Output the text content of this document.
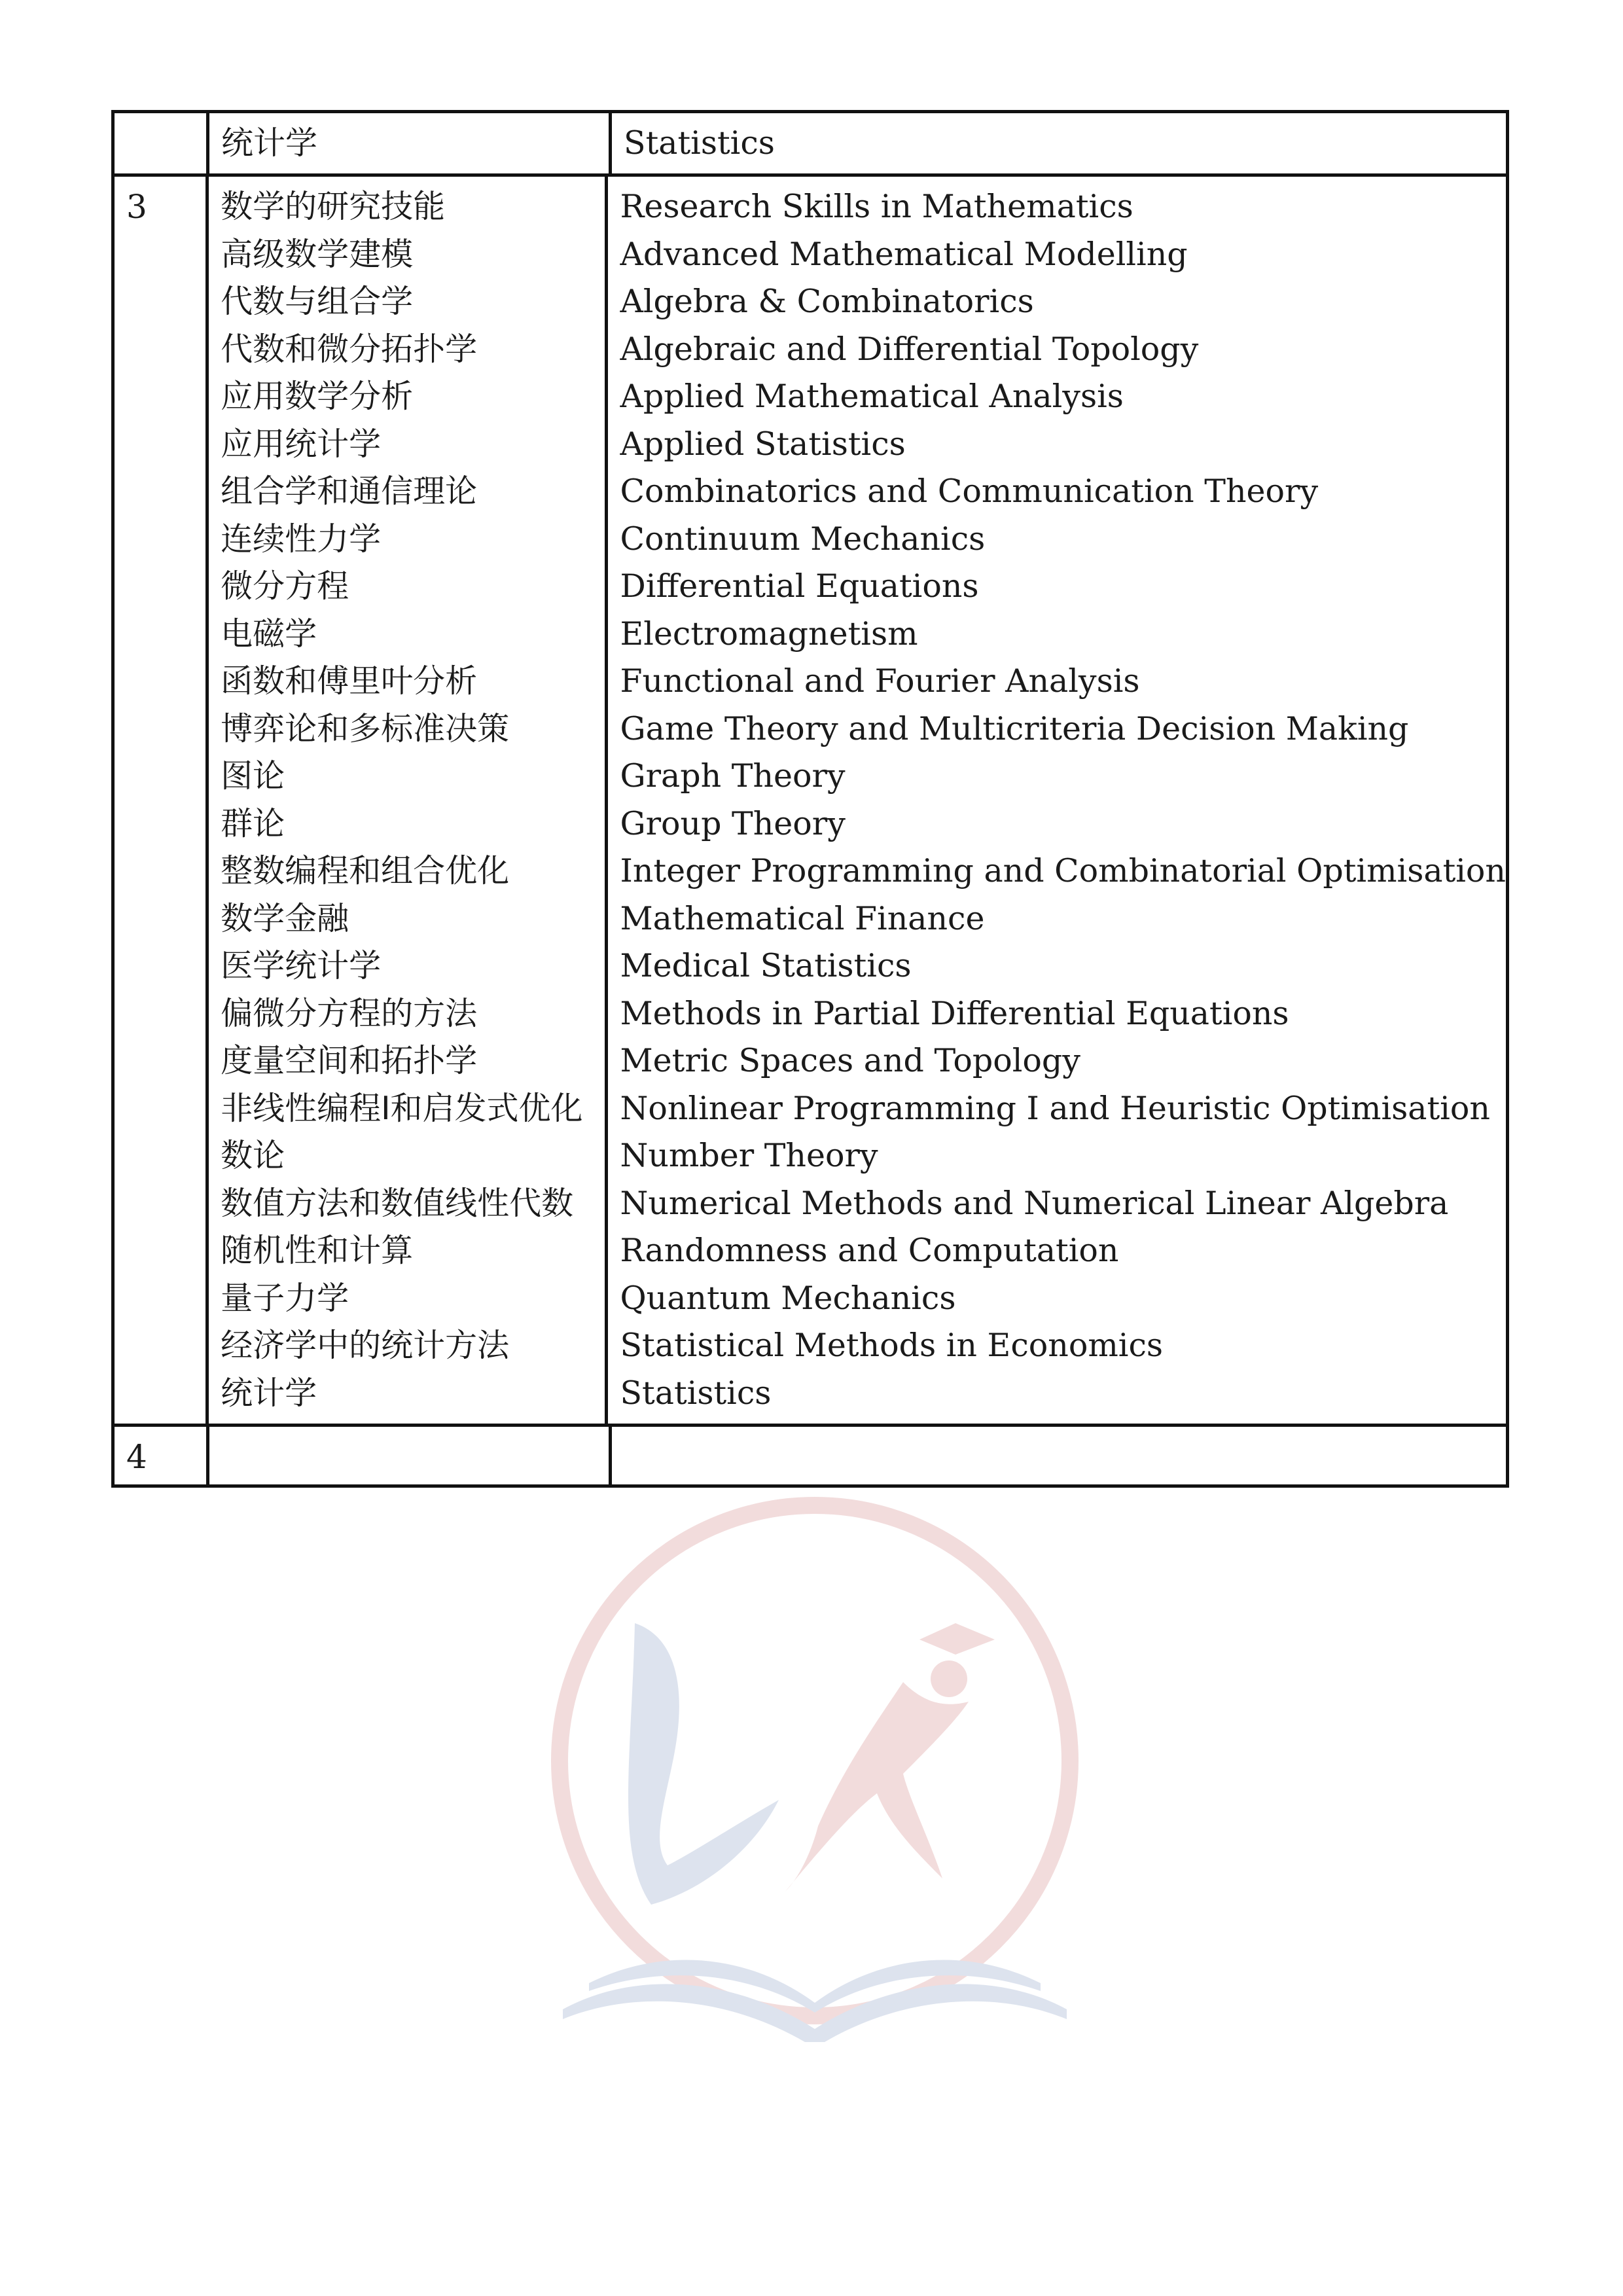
统计学	Statistics
3	数学的研究技能
高级数学建模
代数与组合学
代数和微分拓扑学
应用数学分析
应用统计学
组合学和通信理论
连续性力学
微分方程
电磁学
函数和傅里叶分析
博弈论和多标准决策
图论
群论
整数编程和组合优化
数学金融
医学统计学
偏微分方程的方法
度量空间和拓扑学
非线性编程I和启发式优化
数论
数值方法和数值线性代数
随机性和计算
量子力学
经济学中的统计方法
统计学
Research Skills in Mathematics
Advanced Mathematical Modelling
Algebra & Combinatorics
Algebraic and Differential Topology
Applied Mathematical Analysis
Applied Statistics
Combinatorics and Communication Theory
Continuum Mechanics
Differential Equations
Electromagnetism
Functional and Fourier Analysis
Game Theory and Multicriteria Decision Making
Graph Theory
Group Theory
Integer Programming and Combinatorial Optimisation
Mathematical Finance
Medical Statistics
Methods in Partial Differential Equations
Metric Spaces and Topology
Nonlinear Programming I and Heuristic Optimisation
Number Theory
Numerical Methods and Numerical Linear Algebra
Randomness and Computation
Quantum Mechanics
Statistical Methods in Economics
Statistics
4
